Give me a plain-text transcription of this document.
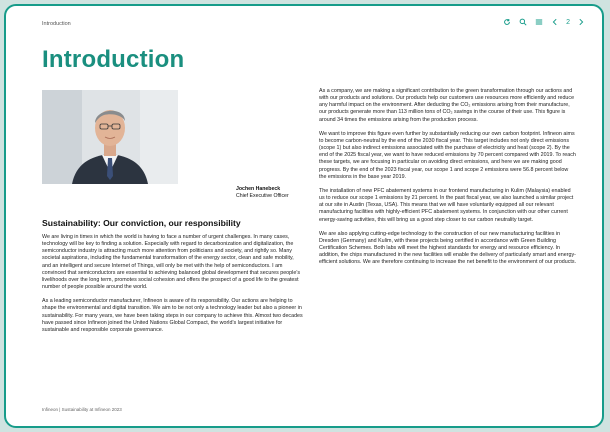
Introduction	2
Introduction
Jochen Hanebeck
Chief Executive Officer
Sustainability: Our conviction, our responsibility

We are living in times in which the world is having to face a number of urgent challenges. In many cases, technology will be key to finding a solution. Especially with regard to decarbonization and digitalization, the semiconductor industry is attracting much more attention from politicians and society, and rightly so. Many societal aspirations, including the fundamental transformation of the energy sector, clean and safe mobility, and an intelligent and secure Internet of Things, will only be met with the help of semiconductors. I am convinced that semiconductors are essential to achieving balanced global development that secures people’s livelihoods over the long term, promotes social cohesion and offers the prospect of a good life to the greatest number of people possible around the world.

As a leading semiconductor manufacturer, Infineon is aware of its responsibility. Our actions are helping to shape the environmental and digital transition. We aim to be not only a technology leader but also a pioneer in sustainability. For many years, we have been taking steps in our company to achieve this. Almost two decades have passed since Infineon joined the United Nations Global Compact, the world’s largest initiative for sustainable and responsible corporate governance.

As a company, we are making a significant contribution to the green transformation through our actions and with our products and solutions. Our products help our customers use resources more efficiently and reduce any harmful impact on the environment. After deducting the CO₂ emissions arising from their manufacture, our products generate more than 113 million tons of CO₂ savings in the course of their use. This figure is around 34 times the emissions arising from the production process.

We want to improve this figure even further by substantially reducing our own carbon footprint. Infineon aims to become carbon-neutral by the end of the 2030 fiscal year. This target includes not only direct emissions (scope 1) but also indirect emissions associated with the purchase of electricity and heat (scope 2). By the end of the 2025 fiscal year, we want to have reduced emissions by 70 percent compared with 2019. To reach these targets, we are focusing in particular on avoiding direct emissions, and here we are making good progress. By the end of the 2023 fiscal year, our scope 1 and scope 2 emissions were 56.8 percent below the emissions in the base year 2019.

The installation of new PFC abatement systems in our frontend manufacturing in Kulim (Malaysia) enabled us to reduce our scope 1 emissions by 21 percent. In the past fiscal year, we also launched a similar project at our site in Austin (Texas, USA). This means that we will have voluntarily equipped all our relevant manufacturing facilities with highly-efficient PFC abatement systems. In conjunction with our other current energy-saving activities, this will bring us a good step closer to our carbon neutrality target.

We are also applying cutting-edge technology to the construction of our new manufacturing facilities in Dresden (Germany) and Kulim, with these projects being certified in accordance with Green Building Certification Schemes. Both labs will meet the highest standards for energy and resource efficiency. In addition, the chips manufactured in the new facilities will enable the delivery of particularly smart and energy-efficient solutions. We are therefore continuing to increase the net benefit to the environment of our products.

Infineon | Sustainability at Infineon 2023
